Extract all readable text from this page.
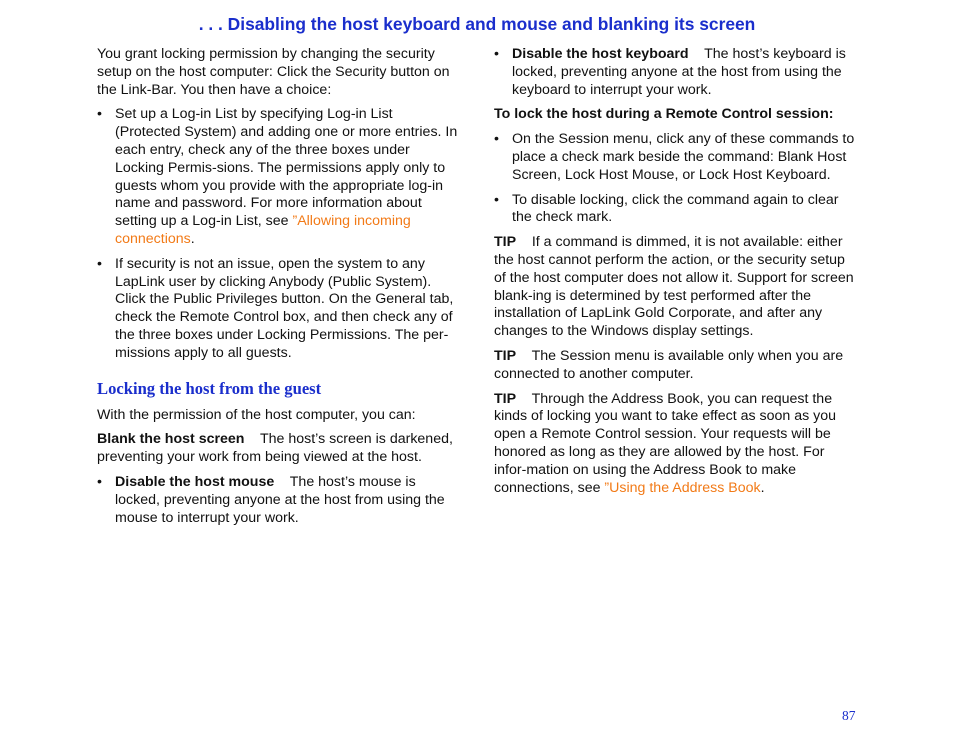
. . . Disabling the host keyboard and mouse and blanking its screen

You grant locking permission by changing the security setup on the host computer: Click the Security button on the Link-Bar. You then have a choice:

• Set up a Log-in List by specifying Log-in List (Protected System) and adding one or more entries. In each entry, check any of the three boxes under Locking Permis-sions. The permissions apply only to guests whom you provide with the appropriate log-in name and password. For more information about setting up a Log-in List, see ”Allowing incoming connections.
• If security is not an issue, open the system to any LapLink user by clicking Anybody (Public System). Click the Public Privileges button. On the General tab, check the Remote Control box, and then check any of the three boxes under Locking Permissions. The per-missions apply to all guests.
Locking the host from the guest

With the permission of the host computer, you can:

Blank the host screen The host’s screen is darkened, preventing your work from being viewed at the host.

• Disable the host mouse The host’s mouse is locked, preventing anyone at the host from using the mouse to interrupt your work.
• Disable the host keyboard The host’s keyboard is locked, preventing anyone at the host from using the keyboard to interrupt your work.

To lock the host during a Remote Control session:

• On the Session menu, click any of these commands to place a check mark beside the command: Blank Host Screen, Lock Host Mouse, or Lock Host Keyboard.
• To disable locking, click the command again to clear the check mark.

TIP If a command is dimmed, it is not available: either the host cannot perform the action, or the security setup of the host computer does not allow it. Support for screen blank-ing is determined by test performed after the installation of LapLink Gold Corporate, and after any changes to the Windows display settings.

TIP The Session menu is available only when you are connected to another computer.

TIP Through the Address Book, you can request the kinds of locking you want to take effect as soon as you open a Remote Control session. Your requests will be honored as long as they are allowed by the host. For infor-mation on using the Address Book to make connections, see ”Using the Address Book.

87
